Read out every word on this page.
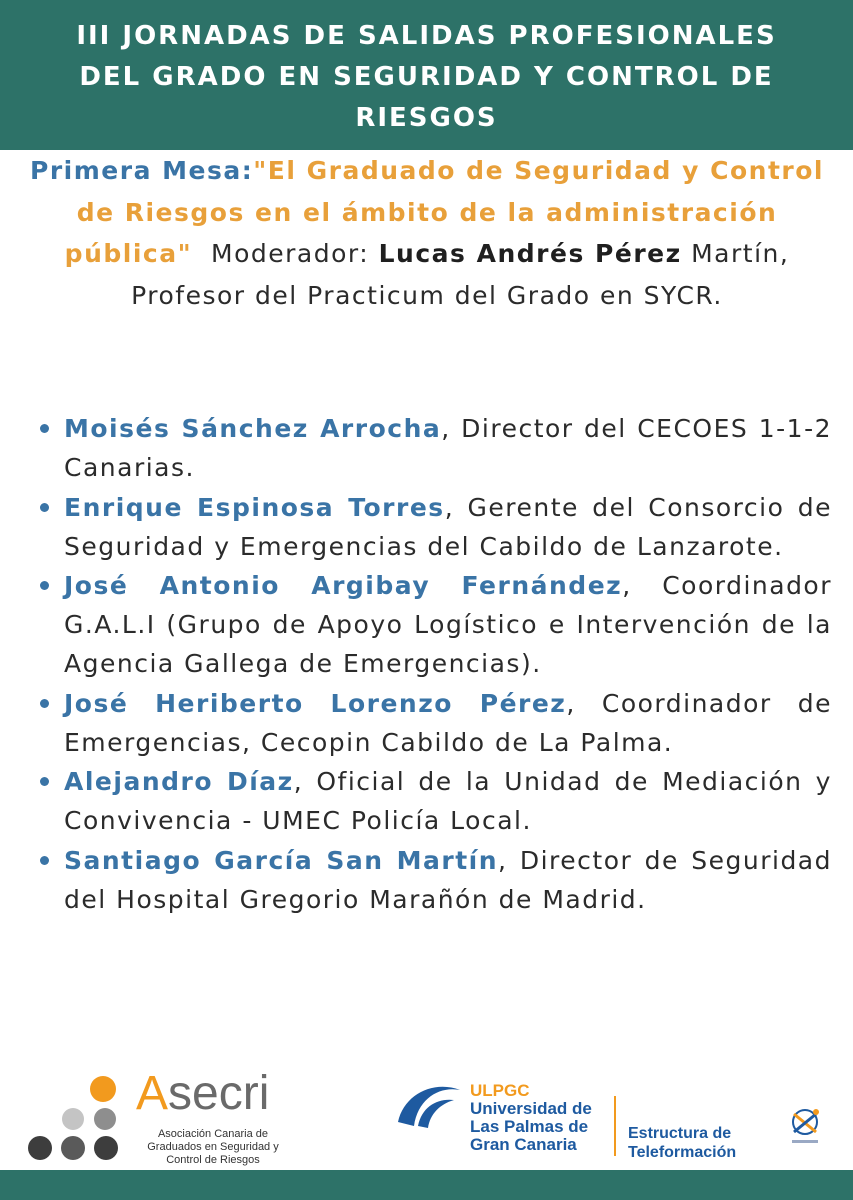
III JORNADAS DE SALIDAS PROFESIONALES DEL GRADO EN SEGURIDAD Y CONTROL DE RIESGOS
Primera Mesa:"El Graduado de Seguridad y Control de Riesgos en el ámbito de la administración pública" Moderador: Lucas Andrés Pérez Martín, Profesor del Practicum del Grado en SYCR.
Moisés Sánchez Arrocha, Director del CECOES 1-1-2 Canarias.
Enrique Espinosa Torres, Gerente del Consorcio de Seguridad y Emergencias del Cabildo de Lanzarote.
José Antonio Argibay Fernández, Coordinador G.A.L.I (Grupo de Apoyo Logístico e Intervención de la Agencia Gallega de Emergencias).
José Heriberto Lorenzo Pérez, Coordinador de Emergencias, Cecopin Cabildo de La Palma.
Alejandro Díaz, Oficial de la Unidad de Mediación y Convivencia - UMEC Policía Local.
Santiago García San Martín, Director de Seguridad del Hospital Gregorio Marañón de Madrid.
Asecri
Asociación Canaria de Graduados en Seguridad y Control de Riesgos
ULPGC
Universidad de
Las Palmas de
Gran Canaria
Estructura de
Teleformación
